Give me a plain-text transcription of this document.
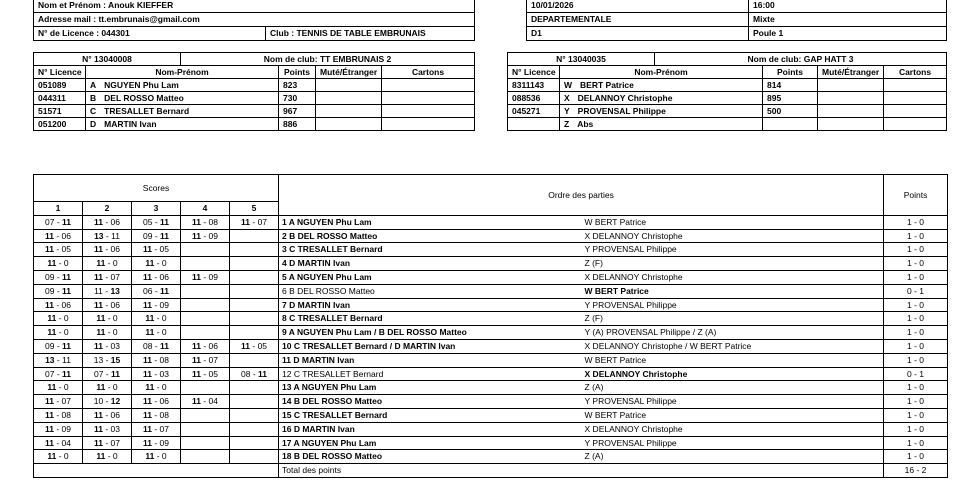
Nom et Prénom : Anouk KIEFFER
Adresse mail : tt.embrunais@gmail.com
N° de Licence : 044301	Club : TENNIS DE TABLE EMBRUNAIS
10/01/2026	16:00
DEPARTEMENTALE	Mixte
D1	Poule 1
N° 13040008		Nom de club: TT EMBRUNAIS 2			
N° Licence	Nom-Prénom		Points	Muté/Étranger	Cartons
051089	A NGUYEN Phu Lam		823		
044311	B DEL ROSSO Matteo		730		
51571	C TRESALLET Bernard		967		
051200	D MARTIN Ivan		886		
N° 13040035		Nom de club: GAP HATT 3			
N° Licence	Nom-Prénom		Points	Muté/Étranger	Cartons
8311143	W BERT Patrice		814		
088536	X DELANNOY Christophe		895		
045271	Y PROVENSAL Philippe		500		
	Z Abs				
Scores					Ordre des parties		Points
1	2	3	4	5			
07 - 11	11 - 06	05 - 11	11 - 08	11 - 07	1 A NGUYEN Phu Lam	W BERT Patrice	1 - 0
11 - 06	13 - 11	09 - 11	11 - 09		2 B DEL ROSSO Matteo	X DELANNOY Christophe	1 - 0
11 - 05	11 - 06	11 - 05			3 C TRESALLET Bernard	Y PROVENSAL Philippe	1 - 0
11 - 0	11 - 0	11 - 0			4 D MARTIN Ivan	Z (F)	1 - 0
09 - 11	11 - 07	11 - 06	11 - 09		5 A NGUYEN Phu Lam	X DELANNOY Christophe	1 - 0
09 - 11	11 - 13	06 - 11			6 B DEL ROSSO Matteo	W BERT Patrice	0 - 1
11 - 06	11 - 06	11 - 09			7 D MARTIN Ivan	Y PROVENSAL Philippe	1 - 0
11 - 0	11 - 0	11 - 0			8 C TRESALLET Bernard	Z (F)	1 - 0
11 - 0	11 - 0	11 - 0			9 A NGUYEN Phu Lam / B DEL ROSSO Matteo	Y (A) PROVENSAL Philippe / Z (A)	1 - 0
09 - 11	11 - 03	08 - 11	11 - 06	11 - 05	10 C TRESALLET Bernard / D MARTIN Ivan	X DELANNOY Christophe / W BERT Patrice	1 - 0
13 - 11	13 - 15	11 - 08	11 - 07		11 D MARTIN Ivan	W BERT Patrice	1 - 0
07 - 11	07 - 11	11 - 03	11 - 05	08 - 11	12 C TRESALLET Bernard	X DELANNOY Christophe	0 - 1
11 - 0	11 - 0	11 - 0			13 A NGUYEN Phu Lam	Z (A)	1 - 0
11 - 07	10 - 12	11 - 06	11 - 04		14 B DEL ROSSO Matteo	Y PROVENSAL Philippe	1 - 0
11 - 08	11 - 06	11 - 08			15 C TRESALLET Bernard	W BERT Patrice	1 - 0
11 - 09	11 - 03	11 - 07			16 D MARTIN Ivan	X DELANNOY Christophe	1 - 0
11 - 04	11 - 07	11 - 09			17 A NGUYEN Phu Lam	Y PROVENSAL Philippe	1 - 0
11 - 0	11 - 0	11 - 0			18 B DEL ROSSO Matteo	Z (A)	1 - 0
					Total des points		16 - 2
